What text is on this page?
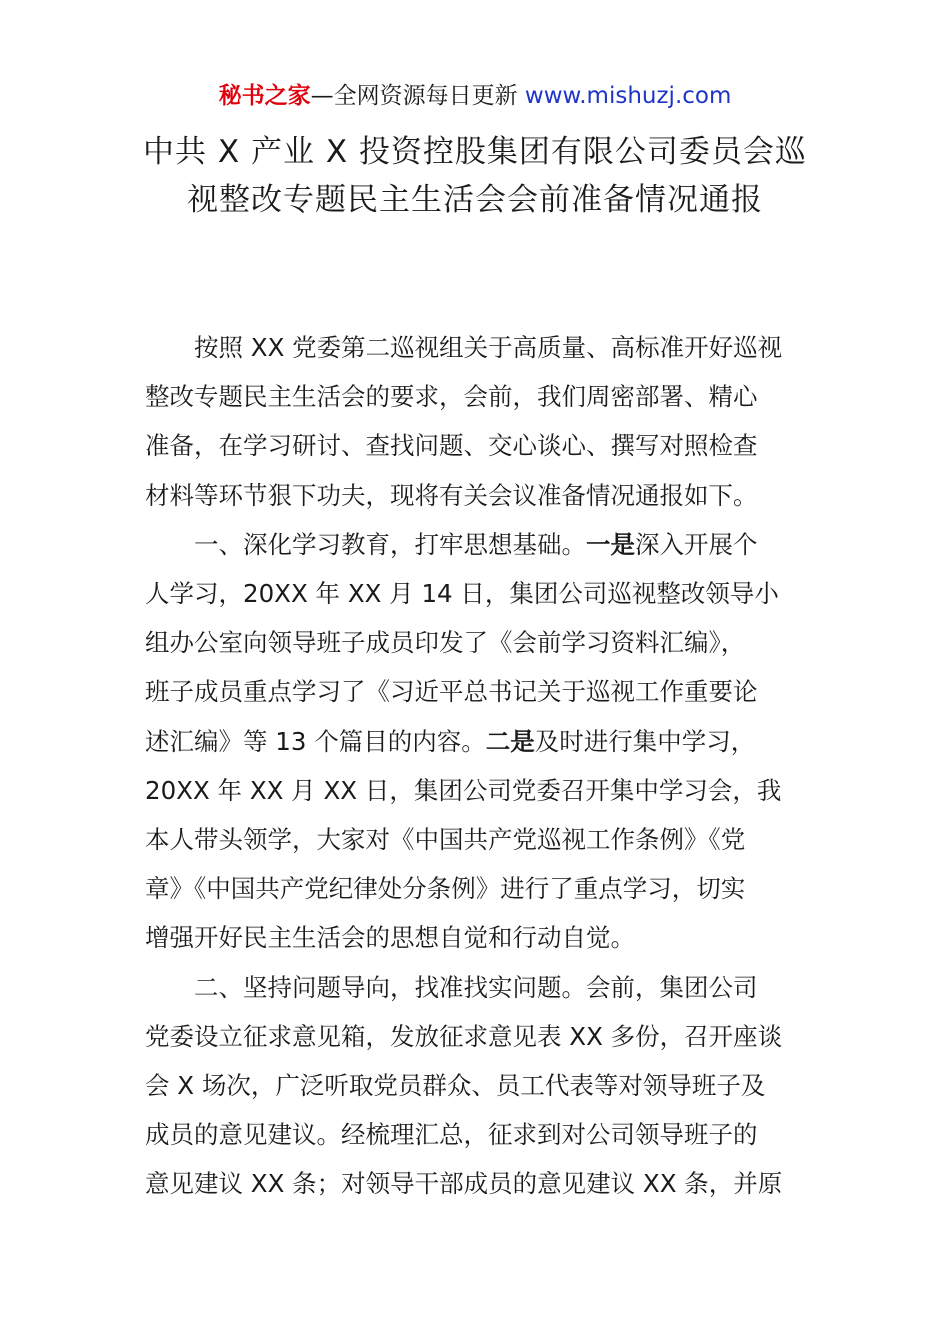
秘书之家—全网资源每日更新 www.mishuzj.com
中共 X 产业 X 投资控股集团有限公司委员会巡
视整改专题民主生活会会前准备情况通报
按照 XX 党委第二巡视组关于高质量、高标准开好巡视
整改专题民主生活会的要求，会前，我们周密部署、精心
准备，在学习研讨、查找问题、交心谈心、撰写对照检查
材料等环节狠下功夫，现将有关会议准备情况通报如下。
一、深化学习教育，打牢思想基础。一是深入开展个
人学习，20XX 年 XX 月 14 日，集团公司巡视整改领导小
组办公室向领导班子成员印发了《会前学习资料汇编》，
班子成员重点学习了《习近平总书记关于巡视工作重要论
述汇编》等 13 个篇目的内容。二是及时进行集中学习，
20XX 年 XX 月 XX 日，集团公司党委召开集中学习会，我
本人带头领学，大家对《中国共产党巡视工作条例》《党
章》《中国共产党纪律处分条例》进行了重点学习，切实
增强开好民主生活会的思想自觉和行动自觉。
二、坚持问题导向，找准找实问题。会前，集团公司
党委设立征求意见箱，发放征求意见表 XX 多份，召开座谈
会 X 场次，广泛听取党员群众、员工代表等对领导班子及
成员的意见建议。经梳理汇总，征求到对公司领导班子的
意见建议 XX 条；对领导干部成员的意见建议 XX 条，并原
